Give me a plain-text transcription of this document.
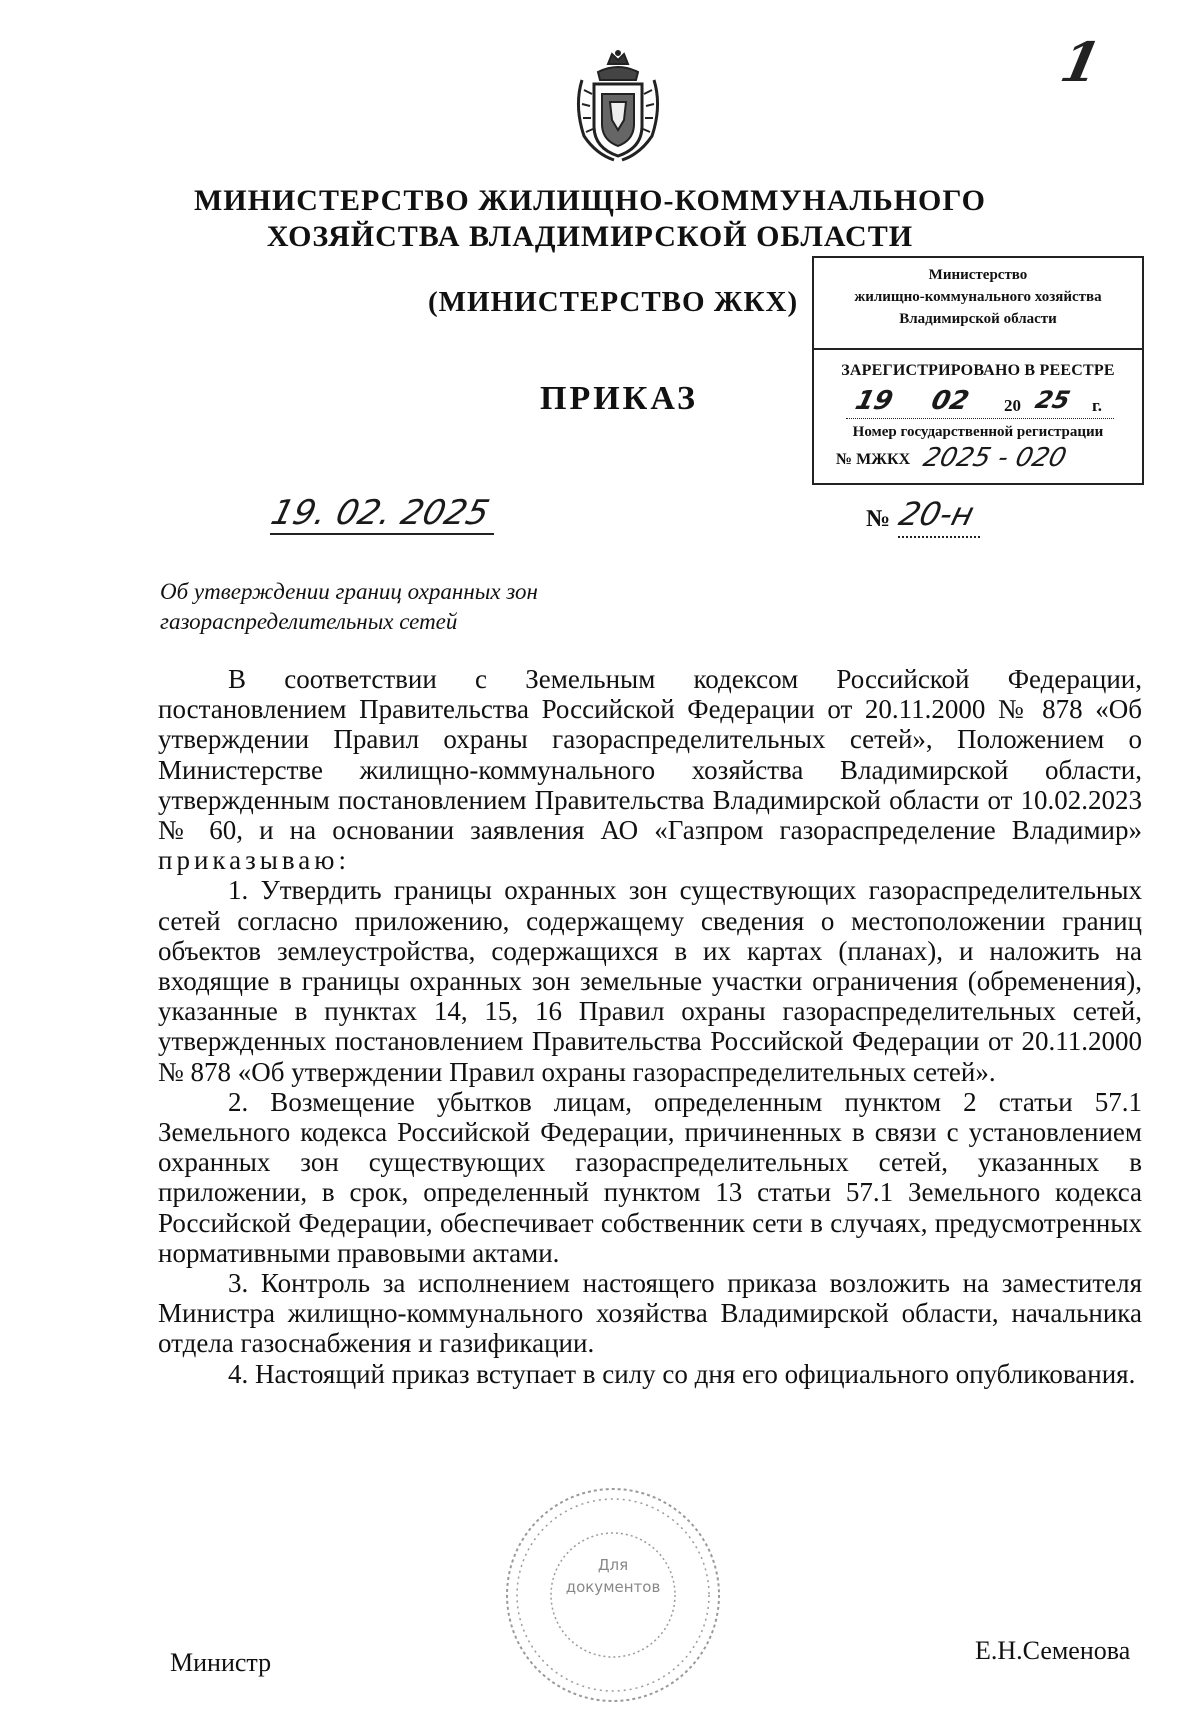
1
МИНИСТЕРСТВО ЖИЛИЩНО-КОММУНАЛЬНОГО
ХОЗЯЙСТВА ВЛАДИМИРСКОЙ ОБЛАСТИ
(МИНИСТЕРСТВО ЖКХ)
ПРИКАЗ
Министерство
жилищно-коммунального хозяйства
Владимирской области
ЗАРЕГИСТРИРОВАНО В РЕЕСТРЕ
19 02 20 25 г.
Номер государственной регистрации
№ МЖКХ 2025 - 020
19. 02. 2025	№ 20-н
Об утверждении границ охранных зон
газораспределительных сетей

В соответствии с Земельным кодексом Российской Федерации, постановлением Правительства Российской Федерации от 20.11.2000 № 878 «Об утверждении Правил охраны газораспределительных сетей», Положением о Министерстве жилищно-коммунального хозяйства Владимирской области, утвержденным постановлением Правительства Владимирской области от 10.02.2023 № 60, и на основании заявления АО «Газпром газораспределение Владимир» приказываю:

1. Утвердить границы охранных зон существующих газораспределительных сетей согласно приложению, содержащему сведения о местоположении границ объектов землеустройства, содержащихся в их картах (планах), и наложить на входящие в границы охранных зон земельные участки ограничения (обременения), указанные в пунктах 14, 15, 16 Правил охраны газораспределительных сетей, утвержденных постановлением Правительства Российской Федерации от 20.11.2000 № 878 «Об утверждении Правил охраны газораспределительных сетей».

2. Возмещение убытков лицам, определенным пунктом 2 статьи 57.1 Земельного кодекса Российской Федерации, причиненных в связи с установлением охранных зон существующих газораспределительных сетей, указанных в приложении, в срок, определенный пунктом 13 статьи 57.1 Земельного кодекса Российской Федерации, обеспечивает собственник сети в случаях, предусмотренных нормативными правовыми актами.

3. Контроль за исполнением настоящего приказа возложить на заместителя Министра жилищно-коммунального хозяйства Владимирской области, начальника отдела газоснабжения и газификации.

4. Настоящий приказ вступает в силу со дня его официального опубликования.

Для
документов
Министр	Е.Н.Семенова
